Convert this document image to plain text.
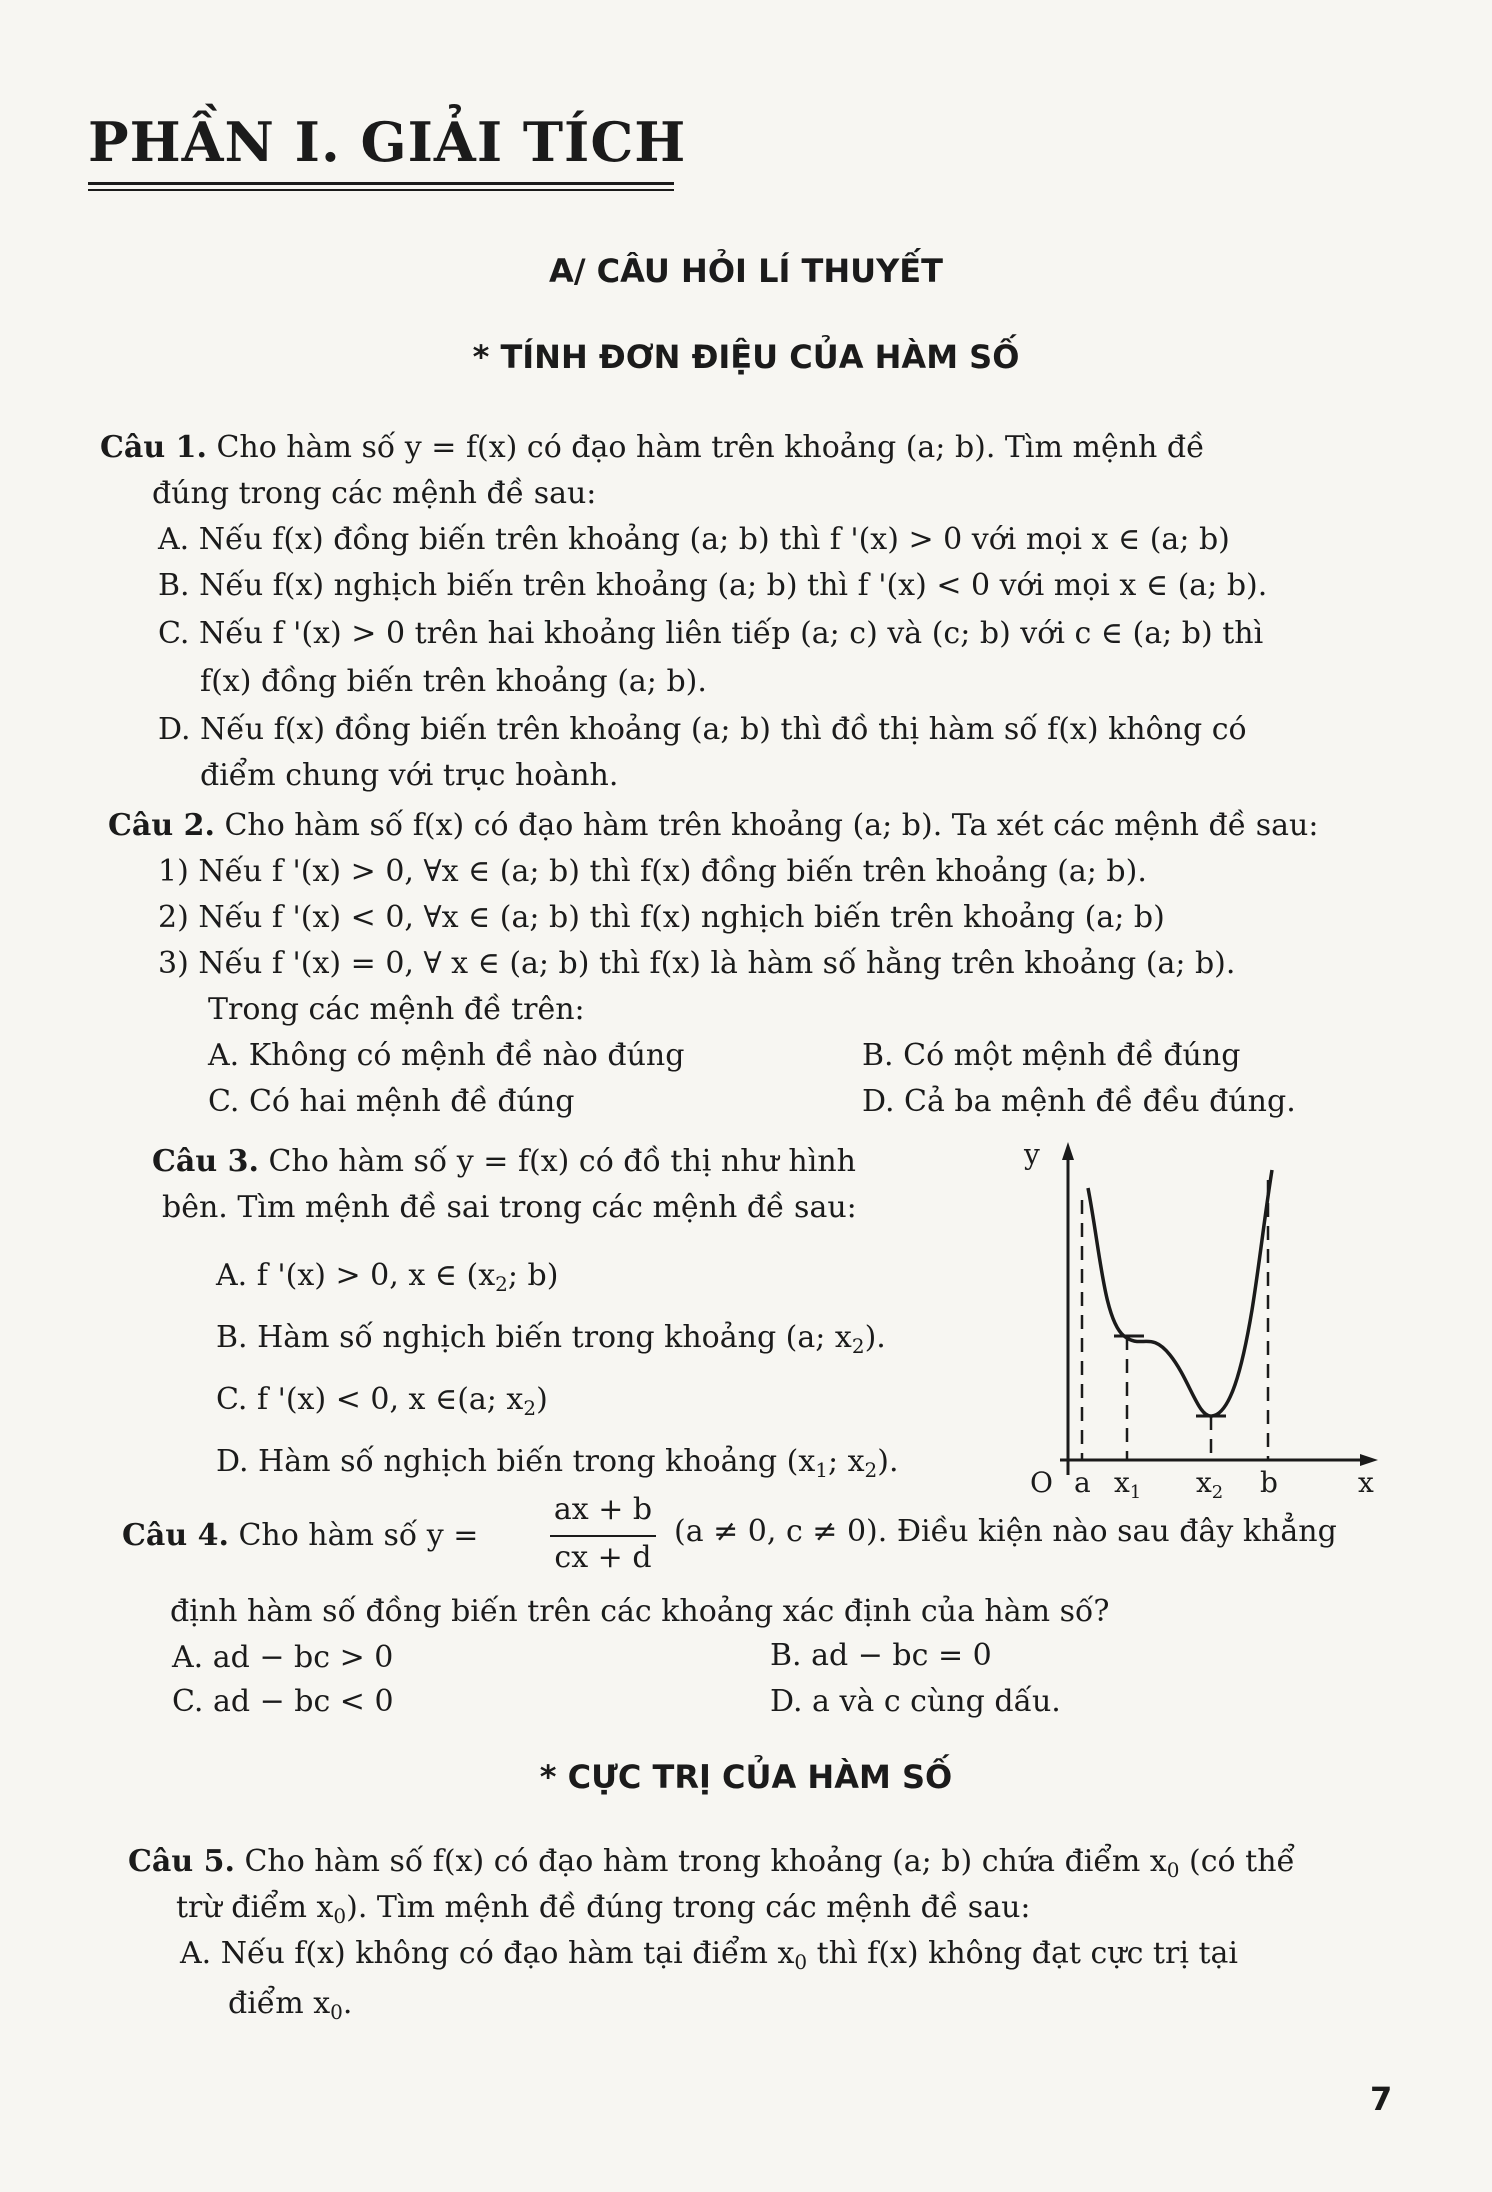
PHẦN I. GIẢI TÍCH
A/ CÂU HỎI LÍ THUYẾT
* TÍNH ĐƠN ĐIỆU CỦA HÀM SỐ
Câu 1. Cho hàm số y = f(x) có đạo hàm trên khoảng (a; b). Tìm mệnh đề
đúng trong các mệnh đề sau:
A. Nếu f(x) đồng biến trên khoảng (a; b) thì f '(x) > 0 với mọi x ∈ (a; b)
B. Nếu f(x) nghịch biến trên khoảng (a; b) thì f '(x) < 0 với mọi x ∈ (a; b).
C. Nếu f '(x) > 0 trên hai khoảng liên tiếp (a; c) và (c; b) với c ∈ (a; b) thì
f(x) đồng biến trên khoảng (a; b).
D. Nếu f(x) đồng biến trên khoảng (a; b) thì đồ thị hàm số f(x) không có
điểm chung với trục hoành.
Câu 2. Cho hàm số f(x) có đạo hàm trên khoảng (a; b). Ta xét các mệnh đề sau:
1) Nếu f '(x) > 0, ∀x ∈ (a; b) thì f(x) đồng biến trên khoảng (a; b).
2) Nếu f '(x) < 0, ∀x ∈ (a; b) thì f(x) nghịch biến trên khoảng (a; b)
3) Nếu f '(x) = 0, ∀ x ∈ (a; b) thì f(x) là hàm số hằng trên khoảng (a; b).
Trong các mệnh đề trên:
A. Không có mệnh đề nào đúng	B. Có một mệnh đề đúng
C. Có hai mệnh đề đúng	D. Cả ba mệnh đề đều đúng.
Câu 3. Cho hàm số y = f(x) có đồ thị như hình
bên. Tìm mệnh đề sai trong các mệnh đề sau:
A. f '(x) > 0, x ∈ ($x_2$; b)
B. Hàm số nghịch biến trong khoảng (a; $x_2$).
C. f '(x) < 0, x ∈(a; $x_2$)
D. Hàm số nghịch biến trong khoảng ($x_1$; $x_2$).
y
O a $x_1$ $x_2$ b	x
Câu 4. Cho hàm số y =
ax + b
cx + d
(a ≠ 0, c ≠ 0). Điều kiện nào sau đây khẳng
định hàm số đồng biến trên các khoảng xác định của hàm số?
A. ad − bc > 0	B. ad − bc = 0
C. ad − bc < 0	D. a và c cùng dấu.
* CỰC TRỊ CỦA HÀM SỐ
Câu 5. Cho hàm số f(x) có đạo hàm trong khoảng (a; b) chứa điểm $x_0$ (có thể
trừ điểm $x_0$). Tìm mệnh đề đúng trong các mệnh đề sau:
A. Nếu f(x) không có đạo hàm tại điểm $x_0$ thì f(x) không đạt cực trị tại
điểm $x_0$.
7
